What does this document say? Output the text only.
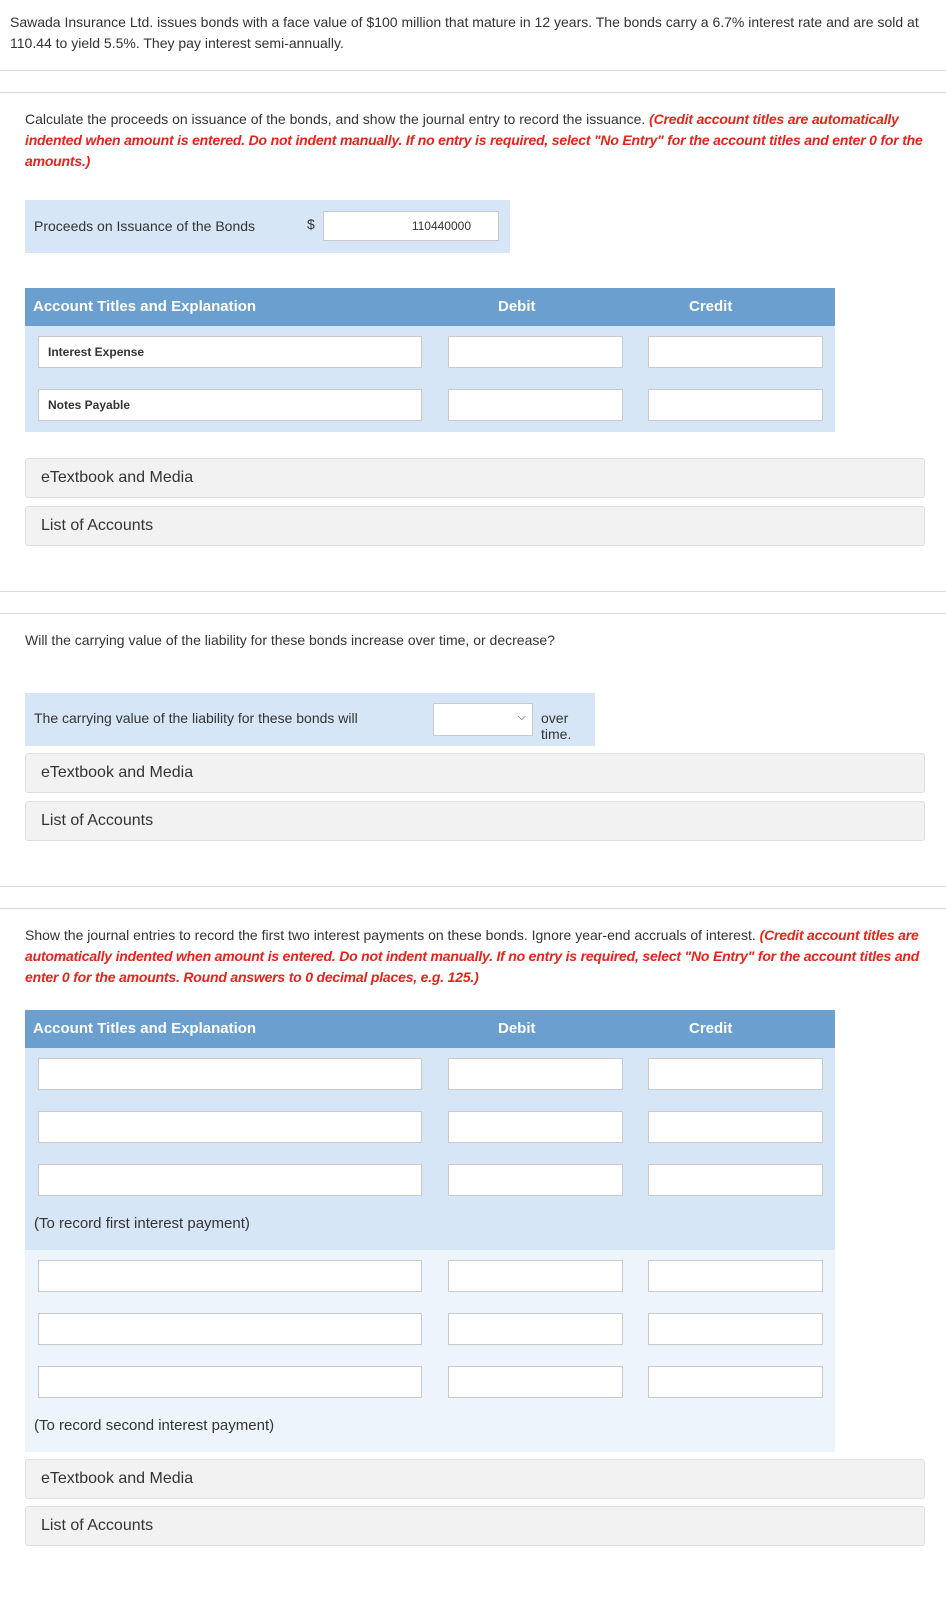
Sawada Insurance Ltd. issues bonds with a face value of $100 million that mature in 12 years. The bonds carry a 6.7% interest rate and are sold at 110.44 to yield 5.5%. They pay interest semi-annually.
Calculate the proceeds on issuance of the bonds, and show the journal entry to record the issuance. (Credit account titles are automatically indented when amount is entered. Do not indent manually. If no entry is required, select "No Entry" for the account titles and enter 0 for the amounts.)
Proceeds on Issuance of the Bonds	$
110440000
Account Titles and Explanation	Debit	Credit
Interest Expense
Notes Payable
eTextbook and Media
List of Accounts
Will the carrying value of the liability for these bonds increase over time, or decrease?
The carrying value of the liability for these bonds will	⌵ over time.
eTextbook and Media
List of Accounts
Show the journal entries to record the first two interest payments on these bonds. Ignore year-end accruals of interest. (Credit account titles are automatically indented when amount is entered. Do not indent manually. If no entry is required, select "No Entry" for the account titles and enter 0 for the amounts. Round answers to 0 decimal places, e.g. 125.)
Account Titles and Explanation	Debit	Credit
(To record first interest payment)
(To record second interest payment)
eTextbook and Media
List of Accounts
